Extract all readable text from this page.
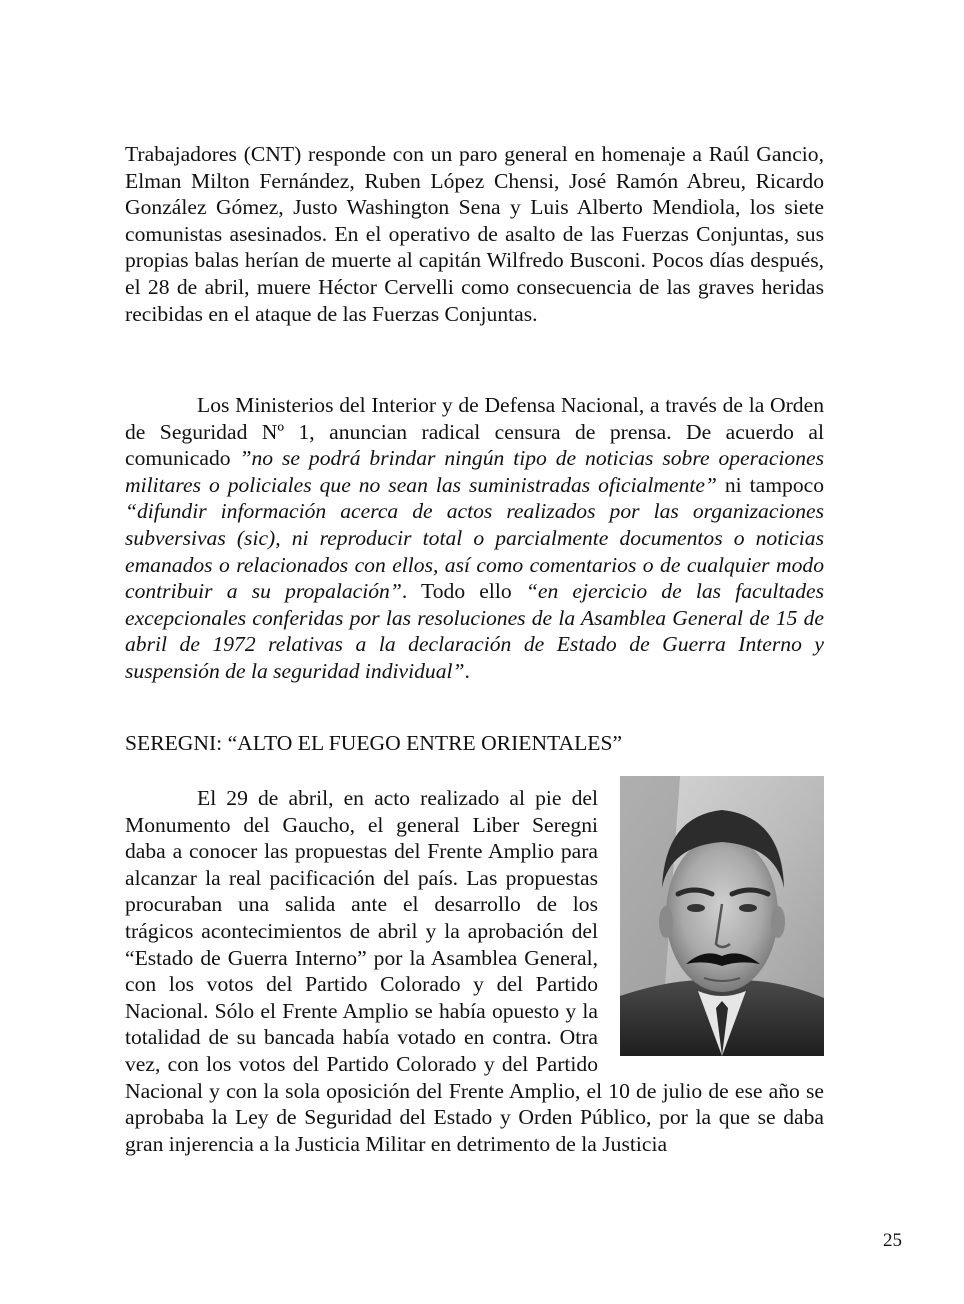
Trabajadores (CNT) responde con un paro general en homenaje a Raúl Gancio, Elman Milton Fernández, Ruben López Chensi, José Ramón Abreu, Ricardo González Gómez, Justo Washington Sena y Luis Alberto Mendiola, los siete comunistas asesinados. En el operativo de asalto de las Fuerzas Conjuntas, sus propias balas herían de muerte al capitán Wilfredo Busconi. Pocos días después, el 28 de abril, muere Héctor Cervelli como consecuencia de las graves heridas recibidas en el ataque de las Fuerzas Conjuntas.

Los Ministerios del Interior y de Defensa Nacional, a través de la Orden de Seguridad Nº 1, anuncian radical censura de prensa. De acuerdo al comunicado ”no se podrá brindar ningún tipo de noticias sobre operaciones militares o policiales que no sean las suministradas oficialmente” ni tampoco “difundir información acerca de actos realizados por las organizaciones subversivas (sic), ni reproducir total o parcialmente documentos o noticias emanados o relacionados con ellos, así como comentarios o de cualquier modo contribuir a su propalación”. Todo ello “en ejercicio de las facultades excepcionales conferidas por las resoluciones de la Asamblea General de 15 de abril de 1972 relativas a la declaración de Estado de Guerra Interno y suspensión de la seguridad individual”.

SEREGNI: “ALTO EL FUEGO ENTRE ORIENTALES”
El 29 de abril, en acto realizado al pie del Monumento del Gaucho, el general Liber Seregni daba a conocer las propuestas del Frente Amplio para alcanzar la real pacificación del país. Las propuestas procuraban una salida ante el desarrollo de los trágicos acontecimientos de abril y la aprobación del “Estado de Guerra Interno” por la Asamblea General, con los votos del Partido Colorado y del Partido Nacional. Sólo el Frente Amplio se había opuesto y la totalidad de su bancada había votado en contra. Otra vez, con los votos del Partido Colorado y del Partido Nacional y con la sola oposición del Frente Amplio, el 10 de julio de ese año se aprobaba la Ley de Seguridad del Estado y Orden Público, por la que se daba gran injerencia a la Justicia Militar en detrimento de la Justicia
25
